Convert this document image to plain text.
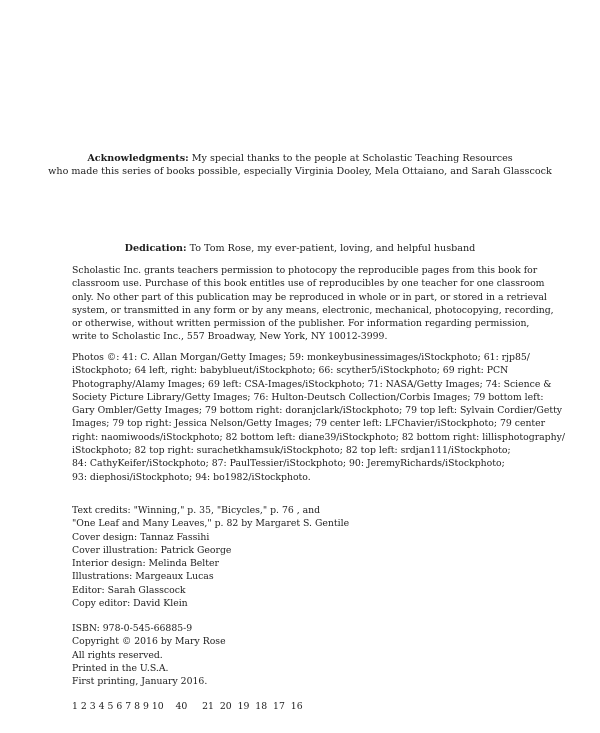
Acknowledgments: My special thanks to the people at Scholastic Teaching Resources
who made this series of books possible, especially Virginia Dooley, Mela Ottaiano, and Sarah Glasscock
Dedication: To Tom Rose, my ever-patient, loving, and helpful husband
Scholastic Inc. grants teachers permission to photocopy the reproducible pages from this book for
classroom use. Purchase of this book entitles use of reproducibles by one teacher for one classroom
only. No other part of this publication may be reproduced in whole or in part, or stored in a retrieval
system, or transmitted in any form or by any means, electronic, mechanical, photocopying, recording,
or otherwise, without written permission of the publisher. For information regarding permission,
write to Scholastic Inc., 557 Broadway, New York, NY 10012-3999.
Photos ©: 41: C. Allan Morgan/Getty Images; 59: monkeybusinessimages/iStockphoto; 61: rjp85/
iStockphoto; 64 left, right: babyblueut/iStockphoto; 66: scyther5/iStockphoto; 69 right: PCN
Photography/Alamy Images; 69 left: CSA-Images/iStockphoto; 71: NASA/Getty Images; 74: Science &
Society Picture Library/Getty Images; 76: Hulton-Deutsch Collection/Corbis Images; 79 bottom left:
Gary Ombler/Getty Images; 79 bottom right: doranjclark/iStockphoto; 79 top left: Sylvain Cordier/Getty
Images; 79 top right: Jessica Nelson/Getty Images; 79 center left: LFChavier/iStockphoto; 79 center
right: naomiwoods/iStockphoto; 82 bottom left: diane39/iStockphoto; 82 bottom right: lillisphotography/
iStockphoto; 82 top right: surachetkhamsuk/iStockphoto; 82 top left: srdjan111/iStockphoto;
84: CathyKeifer/iStockphoto; 87: PaulTessier/iStockphoto; 90: JeremyRichards/iStockphoto;
93: diephosi/iStockphoto; 94: bo1982/iStockphoto.
Text credits: "Winning," p. 35, "Bicycles," p. 76 , and
"One Leaf and Many Leaves," p. 82 by Margaret S. Gentile
Cover design: Tannaz Fassihi
Cover illustration: Patrick George
Interior design: Melinda Belter
Illustrations: Margeaux Lucas
Editor: Sarah Glasscock
Copy editor: David Klein
ISBN: 978-0-545-66885-9
Copyright © 2016 by Mary Rose
All rights reserved.
Printed in the U.S.A.
First printing, January 2016.
1 2 3 4 5 6 7 8 9 10    40     21  20  19  18  17  16
